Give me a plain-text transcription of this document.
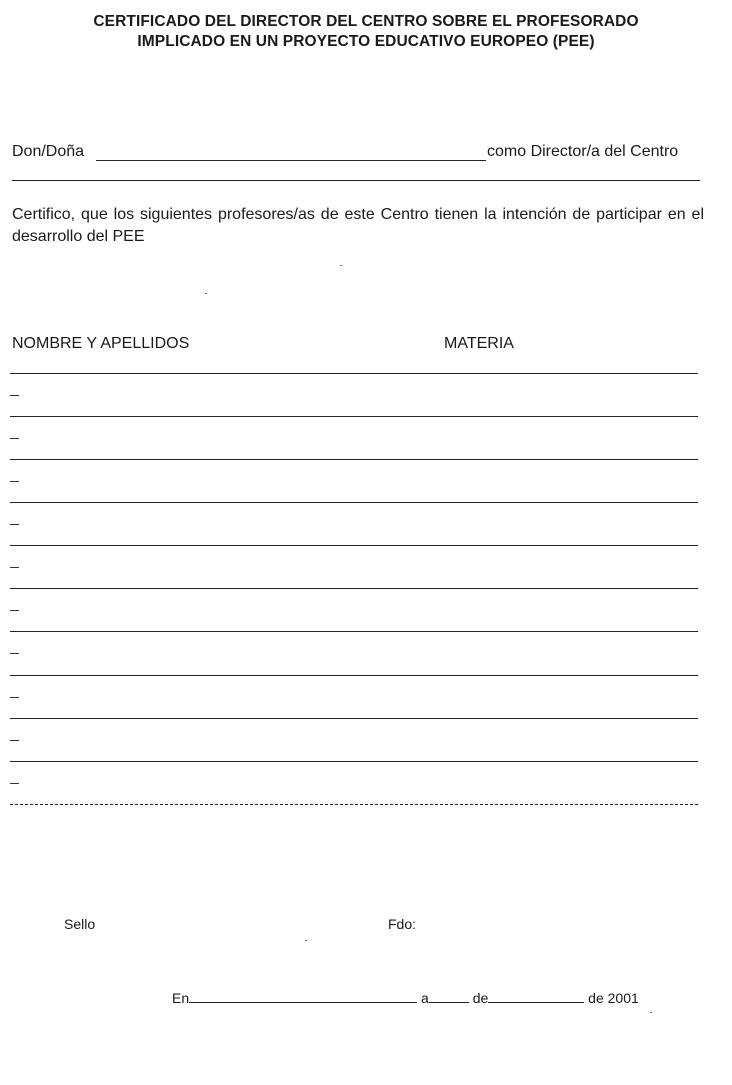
CERTIFICADO DEL DIRECTOR DEL CENTRO SOBRE EL PROFESORADO
IMPLICADO EN UN PROYECTO EDUCATIVO EUROPEO (PEE)
Don/Doña	como Director/a del Centro
Certifico, que los siguientes profesores/as de este Centro tienen la intención de participar en el desarrollo del PEE
NOMBRE Y APELLIDOS	MATERIA
Sello	Fdo:
En	a	de	de 2001
